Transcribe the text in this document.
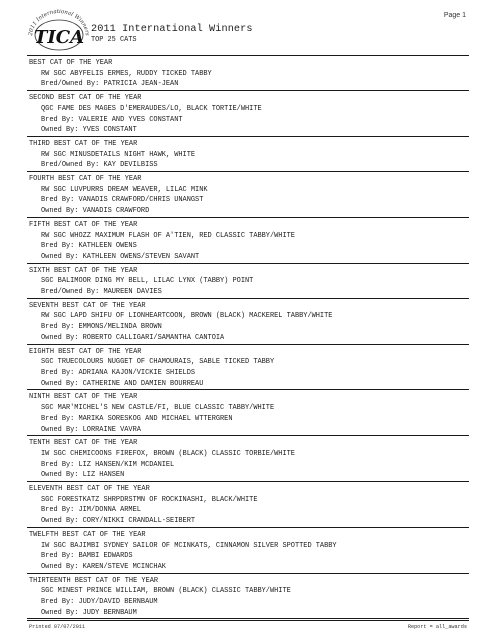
Page 1
2011 International Winners
TICA 2011 International Winners
TOP 25 CATS
BEST CAT OF THE YEAR
RW SGC ABYFELIS ERMES, RUDDY TICKED TABBY
Bred/Owned By: PATRICIA JEAN-JEAN
SECOND BEST CAT OF THE YEAR
QGC FAME DES MAGES D'EMERAUDES/LO, BLACK TORTIE/WHITE
Bred By: VALERIE AND YVES CONSTANT
Owned By: YVES CONSTANT
THIRD BEST CAT OF THE YEAR
RW SGC MINUSDETAILS NIGHT HAWK, WHITE
Bred/Owned By: KAY DEVILBISS
FOURTH BEST CAT OF THE YEAR
RW SGC LUVPURRS DREAM WEAVER, LILAC MINK
Bred By: VANADIS CRAWFORD/CHRIS UNANGST
Owned By: VANADIS CRAWFORD
FIFTH BEST CAT OF THE YEAR
RW SGC WHOZZ MAXIMUM FLASH OF A'TIEN, RED CLASSIC TABBY/WHITE
Bred By: KATHLEEN OWENS
Owned By: KATHLEEN OWENS/STEVEN SAVANT
SIXTH BEST CAT OF THE YEAR
SGC BALIMOOR DING MY BELL, LILAC LYNX (TABBY) POINT
Bred/Owned By: MAUREEN DAVIES
SEVENTH BEST CAT OF THE YEAR
RW SGC LAPD SHIFU OF LIONHEARTCOON, BROWN (BLACK) MACKEREL TABBY/WHITE
Bred By: EMMONS/MELINDA BROWN
Owned By: ROBERTO CALLIGARI/SAMANTHA CANTOIA
EIGHTH BEST CAT OF THE YEAR
SGC TRUECOLOURS NUGGET OF CHAMOURAIS, SABLE TICKED TABBY
Bred By: ADRIANA KAJON/VICKIE SHIELDS
Owned By: CATHERINE AND DAMIEN BOURREAU
NINTH BEST CAT OF THE YEAR
SGC MAR'MICHEL'S NEW CASTLE/FI, BLUE CLASSIC TABBY/WHITE
Bred By: MARIKA SORESKOG AND MICHAEL WTTERGREN
Owned By: LORRAINE VAVRA
TENTH BEST CAT OF THE YEAR
IW SGC CHEMICOONS FIREFOX, BROWN (BLACK) CLASSIC TORBIE/WHITE
Bred By: LIZ HANSEN/KIM MCDANIEL
Owned By: LIZ HANSEN
ELEVENTH BEST CAT OF THE YEAR
SGC FORESTKATZ SHRPDRSTMN OF ROCKINASHI, BLACK/WHITE
Bred By: JIM/DONNA ARMEL
Owned By: CORY/NIKKI CRANDALL-SEIBERT
TWELFTH BEST CAT OF THE YEAR
IW SGC BAJIMBI SYDNEY SAILOR OF MCINKATS, CINNAMON SILVER SPOTTED TABBY
Bred By: BAMBI EDWARDS
Owned By: KAREN/STEVE MCINCHAK
THIRTEENTH BEST CAT OF THE YEAR
SGC MINEST PRINCE WILLIAM, BROWN (BLACK) CLASSIC TABBY/WHITE
Bred By: JUDY/DAVID BERNBAUM
Owned By: JUDY BERNBAUM
Printed 07/07/2011	Report = all_awards
